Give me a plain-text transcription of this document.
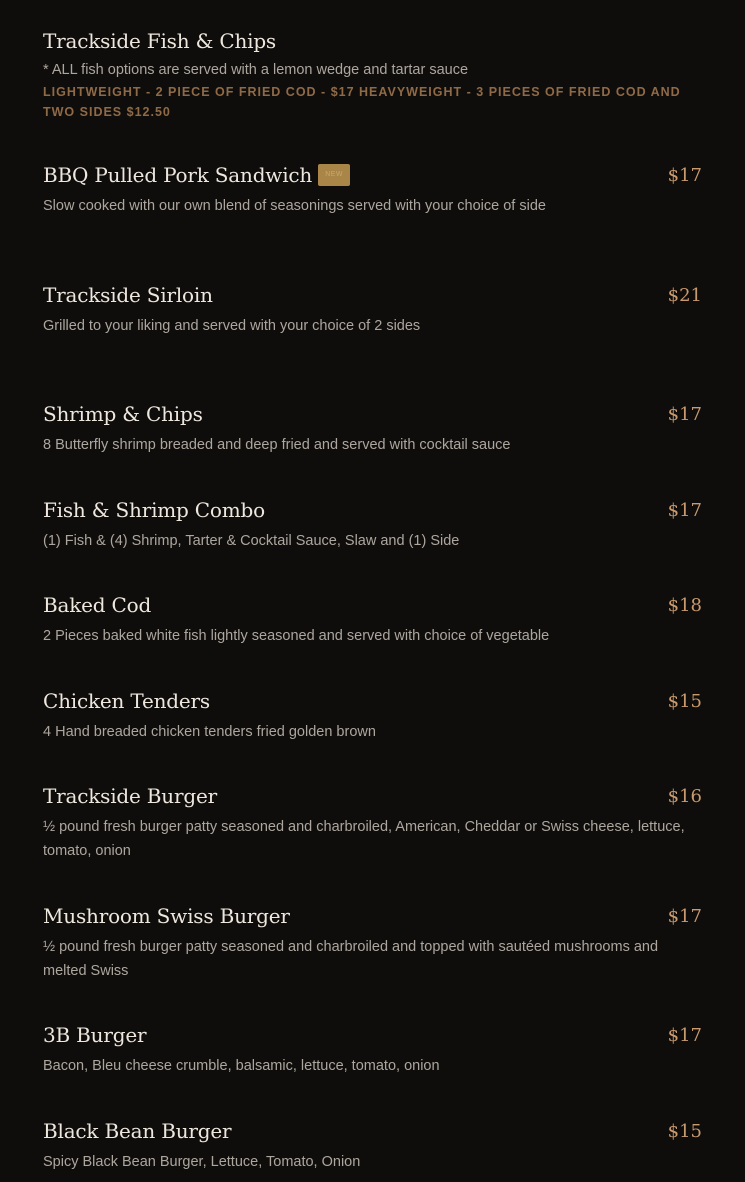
Trackside Fish & Chips
* ALL fish options are served with a lemon wedge and tartar sauce
LIGHTWEIGHT - 2 PIECE OF FRIED COD - $17 HEAVYWEIGHT - 3 PIECES OF FRIED COD AND TWO SIDES $12.50
BBQ Pulled Pork Sandwich	NEW	$17
Slow cooked with our own blend of seasonings served with your choice of side
Trackside Sirloin	$21
Grilled to your liking and served with your choice of 2 sides
Shrimp & Chips	$17
8 Butterfly shrimp breaded and deep fried and served with cocktail sauce
Fish & Shrimp Combo	$17
(1) Fish & (4) Shrimp, Tarter & Cocktail Sauce, Slaw and (1) Side
Baked Cod	$18
2 Pieces baked white fish lightly seasoned and served with choice of vegetable
Chicken Tenders	$15
4 Hand breaded chicken tenders fried golden brown
Trackside Burger	$16
½ pound fresh burger patty seasoned and charbroiled, American, Cheddar or Swiss cheese, lettuce, tomato, onion
Mushroom Swiss Burger	$17
½ pound fresh burger patty seasoned and charbroiled and topped with sautéed mushrooms and melted Swiss
3B Burger	$17
Bacon, Bleu cheese crumble, balsamic, lettuce, tomato, onion
Black Bean Burger	$15
Spicy Black Bean Burger, Lettuce, Tomato, Onion
